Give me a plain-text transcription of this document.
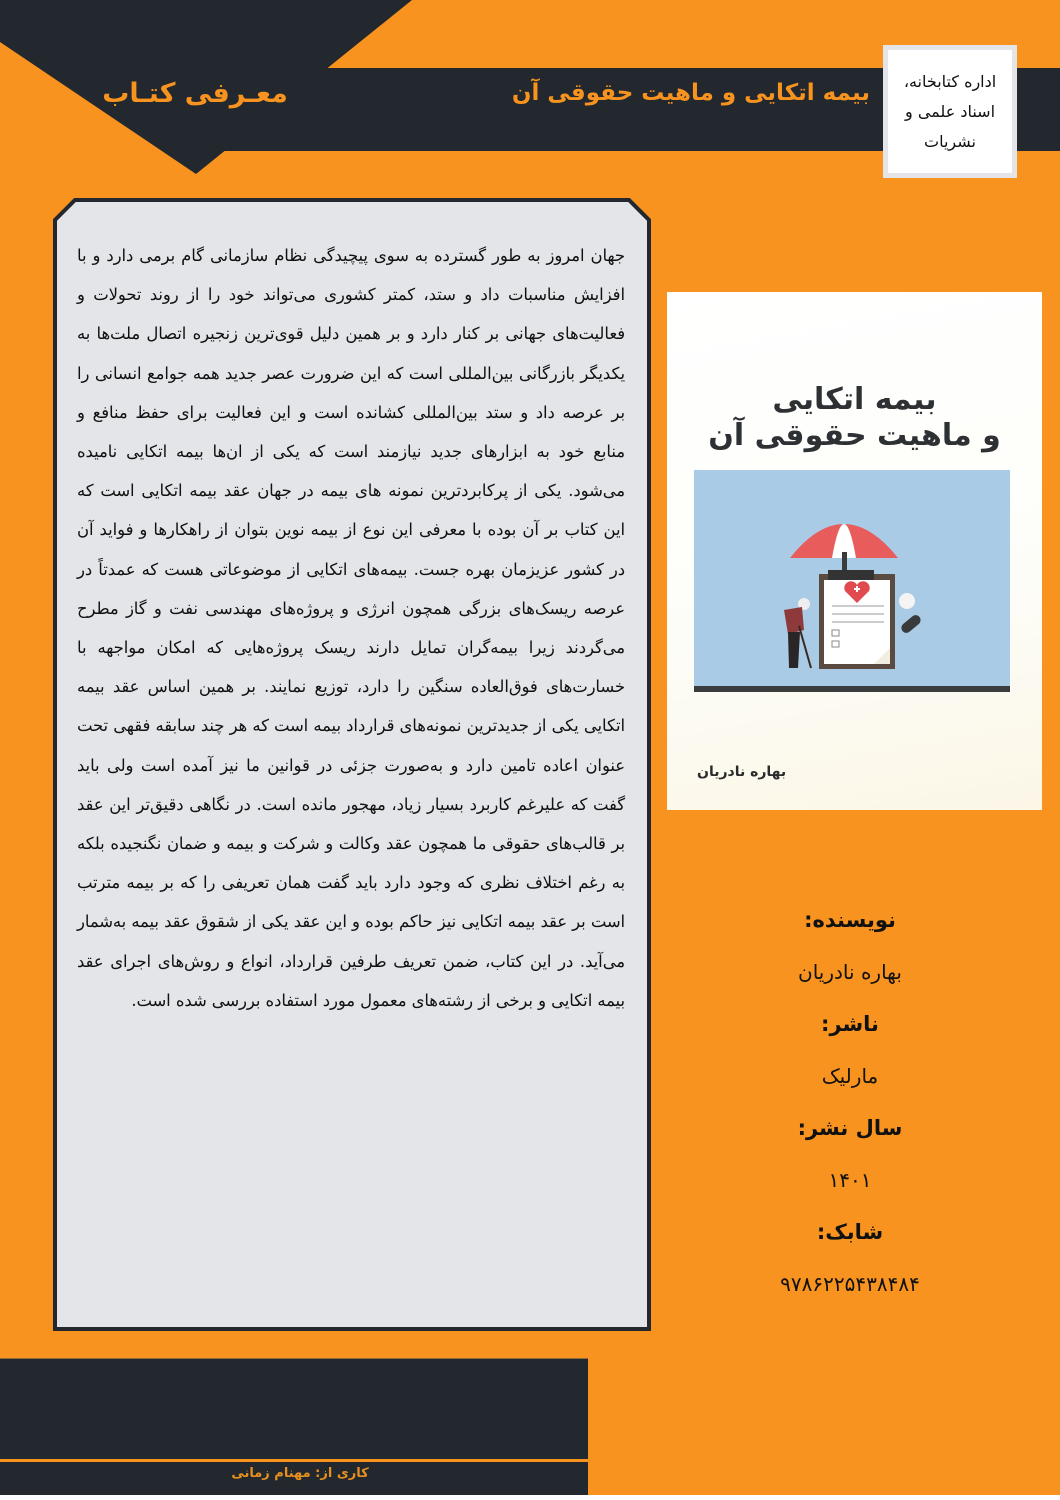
معـرفی کتـاب	بیمه اتکایی و ماهیت حقوقی آن اداره کتابخانه،
اسناد علمی و
نشریات
جهان امروز به طور گسترده به سوی پیچیدگی نظام سازمانی گام برمی دارد و با افزایش مناسبات داد و ستد، کمتر کشوری می‌تواند خود را از روند تحولات و فعالیت‌های جهانی بر کنار دارد و بر همین دلیل قوی‌ترین زنجیره اتصال ملت‌ها به یکدیگر بازرگانی بین‌المللی است که این ضرورت عصر جدید همه جوامع انسانی را بر عرصه داد و ستد بین‌المللی کشانده است و این فعالیت برای حفظ منافع و منابع خود به ابزارهای جدید نیازمند است که یکی از ان‌ها بیمه اتکایی نامیده می‌شود. یکی از پرکابردترین نمونه های بیمه در جهان عقد بیمه اتکایی است که این کتاب بر آن بوده با معرفی این نوع از بیمه نوین بتوان از راهکارها و فواید آن در کشور عزیزمان بهره جست. بیمه‌های اتکایی از موضوعاتی هست که عمدتاً در عرصه ریسک‌های بزرگی همچون انرژی و پروژه‌های مهندسی نفت و گاز مطرح می‌گردند زیرا بیمه‌گران تمایل دارند ریسک پروژه‌هایی که امکان مواجهه با خسارت‌های فوق‌العاده سنگین را دارد، توزیع نمایند. بر همین اساس عقد بیمه اتکایی یکی از جدیدترین نمونه‌های قرارداد بیمه است که هر چند سابقه فقهی تحت عنوان اعاده تامین دارد و به‌صورت جزئی در قوانین ما نیز آمده است ولی باید گفت که علیرغم کاربرد بسیار زیاد، مهجور مانده است. در نگاهی دقیق‌تر این عقد بر قالب‌های حقوقی ما همچون عقد وکالت و شرکت و بیمه و ضمان نگنجیده بلکه به رغم اختلاف نظری که وجود دارد باید گفت همان تعریفی را که بر بیمه مترتب است بر عقد بیمه اتکایی نیز حاکم بوده و این عقد یکی از شقوق عقد بیمه به‌شمار می‌آید. در این کتاب، ضمن تعریف طرفین قرارداد، انواع و روش‌های اجرای عقد بیمه اتکایی و برخی از رشته‌های معمول مورد استفاده بررسی شده است.
بیمه اتکایی
و ماهیت حقوقی آن
بهاره نادریان
نویسنده:
بهاره نادریان
ناشر:
مارلیک
سال نشر:
۱۴۰۱
شابک:
۹۷۸۶۲۲۵۴۳۸۴۸۴
کاری از: مهنام زمانی
